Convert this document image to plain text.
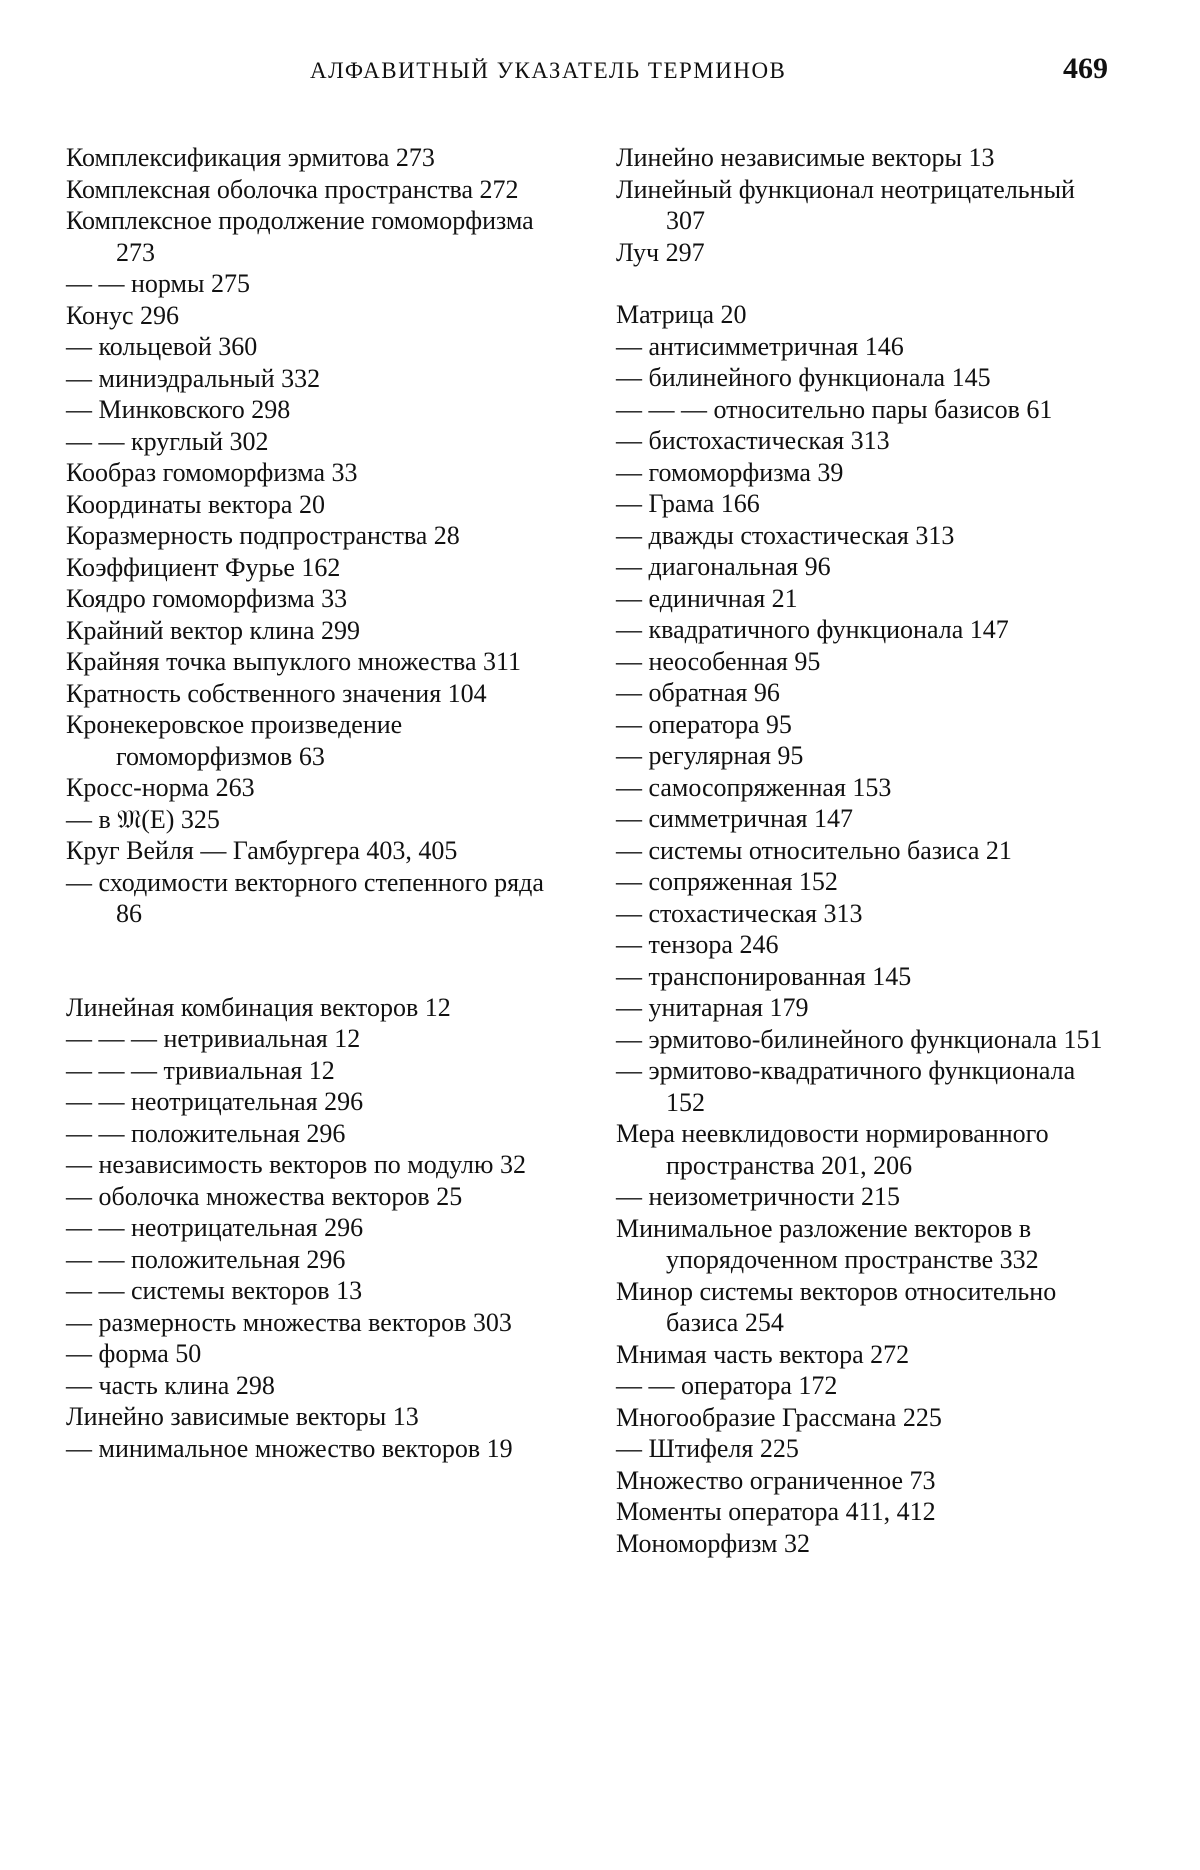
АЛФАВИТНЫЙ УКАЗАТЕЛЬ ТЕРМИНОВ	469

Комплексификация эрмитова 273

Комплексная оболочка пространства 272

Комплексное продолжение гомоморфизма 273

— — нормы 275

Конус 296

— кольцевой 360

— миниэдральный 332

— Минковского 298

— — круглый 302

Кообраз гомоморфизма 33

Координаты вектора 20

Коразмерность подпространства 28

Коэффициент Фурье 162

Коядро гомоморфизма 33

Крайний вектор клина 299

Крайняя точка выпуклого множества 311

Кратность собственного значения 104

Кронекеровское произведение гомоморфизмов 63

Кросс-норма 263

— в 𝔐(E) 325

Круг Вейля — Гамбургера 403, 405

— сходимости векторного степенного ряда 86

Линейная комбинация векторов 12

— — — нетривиальная 12

— — — тривиальная 12

— — неотрицательная 296

— — положительная 296

— независимость векторов по модулю 32

— оболочка множества векторов 25

— — неотрицательная 296

— — положительная 296

— — системы векторов 13

— размерность множества векторов 303

— форма 50

— часть клина 298

Линейно зависимые векторы 13

— минимальное множество векторов 19

Линейно независимые векторы 13

Линейный функционал неотрицательный 307

Луч 297

Матрица 20

— антисимметричная 146

— билинейного функционала 145

— — — относительно пары базисов 61

— бистохастическая 313

— гомоморфизма 39

— Грама 166

— дважды стохастическая 313

— диагональная 96

— единичная 21

— квадратичного функционала 147

— неособенная 95

— обратная 96

— оператора 95

— регулярная 95

— самосопряженная 153

— симметричная 147

— системы относительно базиса 21

— сопряженная 152

— стохастическая 313

— тензора 246

— транспонированная 145

— унитарная 179

— эрмитово-билинейного функционала 151

— эрмитово-квадратичного функционала 152

Мера неевклидовости нормированного пространства 201, 206

— неизометричности 215

Минимальное разложение векторов в упорядоченном пространстве 332

Минор системы векторов относительно базиса 254

Мнимая часть вектора 272

— — оператора 172

Многообразие Грассмана 225

— Штифеля 225

Множество ограниченное 73

Моменты оператора 411, 412

Мономорфизм 32
